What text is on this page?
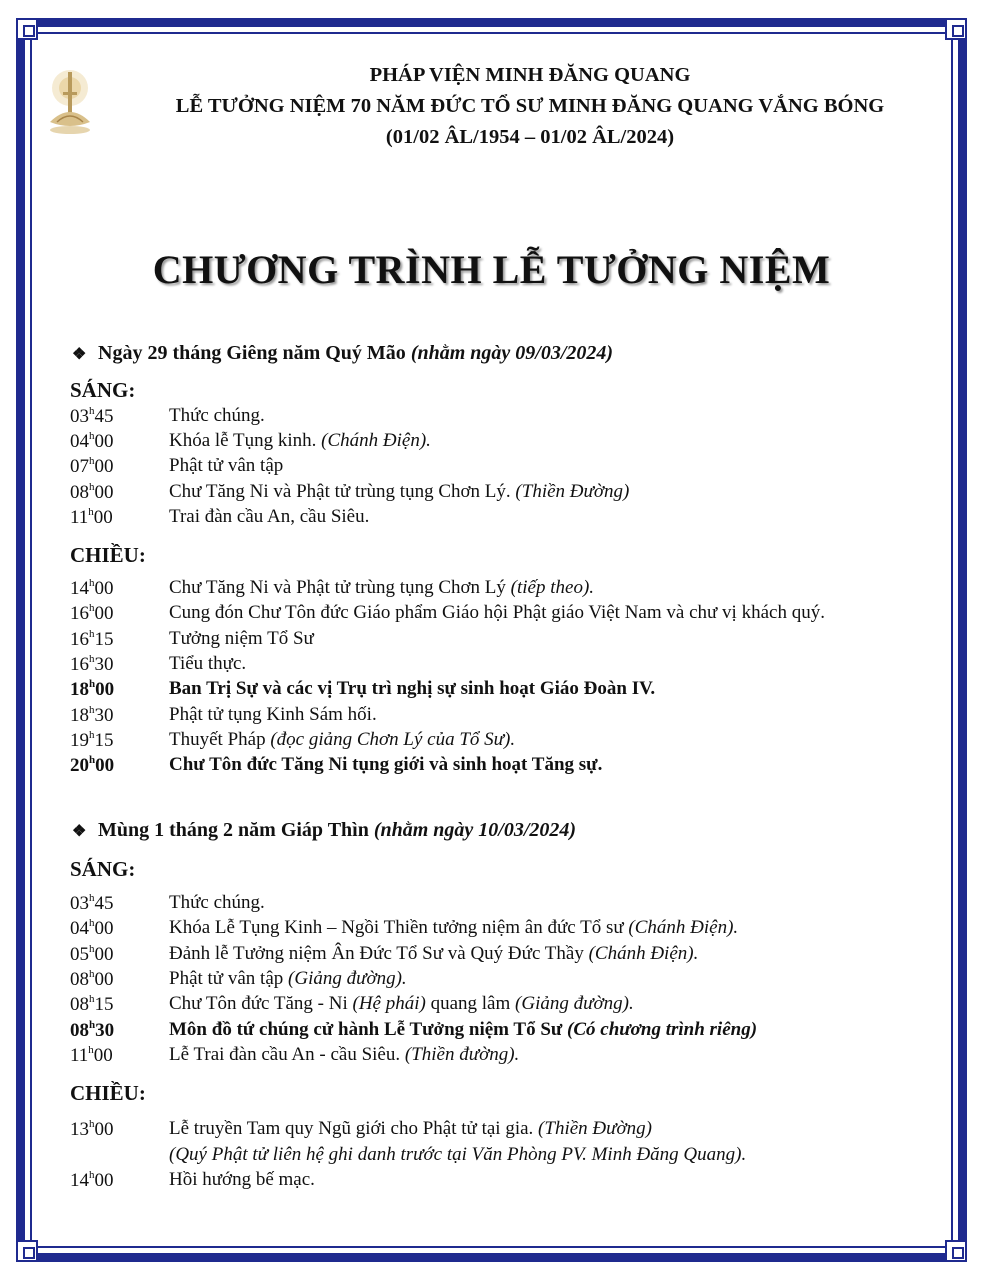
PHÁP VIỆN MINH ĐĂNG QUANG
LỄ TƯỞNG NIỆM 70 NĂM ĐỨC TỔ SƯ MINH ĐĂNG QUANG VẮNG BÓNG
(01/02 ÂL/1954 – 01/02 ÂL/2024)
CHƯƠNG TRÌNH LỄ TƯỞNG NIỆM
❖ Ngày 29 tháng Giêng năm Quý Mão (nhằm ngày 09/03/2024)
SÁNG:
03$^h$45	Thức chúng.
04$^h$00	Khóa lễ Tụng kinh. (Chánh Điện).
07$^h$00	Phật tử vân tập
08$^h$00	Chư Tăng Ni và Phật tử trùng tụng Chơn Lý. (Thiền Đường)
11$^h$00	Trai đàn cầu An, cầu Siêu.
CHIỀU:
14$^h$00	Chư Tăng Ni và Phật tử trùng tụng Chơn Lý (tiếp theo).
16$^h$00	Cung đón Chư Tôn đức Giáo phẩm Giáo hội Phật giáo Việt Nam và chư vị khách quý.
16$^h$15	Tưởng niệm Tổ Sư
16$^h$30	Tiểu thực.
18$^h$00	Ban Trị Sự và các vị Trụ trì nghị sự sinh hoạt Giáo Đoàn IV.
18$^h$30	Phật tử tụng Kinh Sám hối.
19$^h$15	Thuyết Pháp (đọc giảng Chơn Lý của Tổ Sư).
20$^h$00	Chư Tôn đức Tăng Ni tụng giới và sinh hoạt Tăng sự.
❖ Mùng 1 tháng 2 năm Giáp Thìn (nhằm ngày 10/03/2024)
SÁNG:
03$^h$45	Thức chúng.
04$^h$00	Khóa Lễ Tụng Kinh – Ngồi Thiền tưởng niệm ân đức Tổ sư (Chánh Điện).
05$^h$00	Đảnh lễ Tưởng niệm Ân Đức Tổ Sư và Quý Đức Thầy (Chánh Điện).
08$^h$00	Phật tử vân tập (Giảng đường).
08$^h$15	Chư Tôn đức Tăng - Ni (Hệ phái) quang lâm (Giảng đường).
08$^h$30	Môn đồ tứ chúng cử hành Lễ Tưởng niệm Tổ Sư (Có chương trình riêng)
11$^h$00	Lễ Trai đàn cầu An - cầu Siêu. (Thiền đường).
CHIỀU:
13$^h$00	Lễ truyền Tam quy Ngũ giới cho Phật tử tại gia. (Thiền Đường)
(Quý Phật tử liên hệ ghi danh trước tại Văn Phòng PV. Minh Đăng Quang).
14$^h$00	Hồi hướng bế mạc.
